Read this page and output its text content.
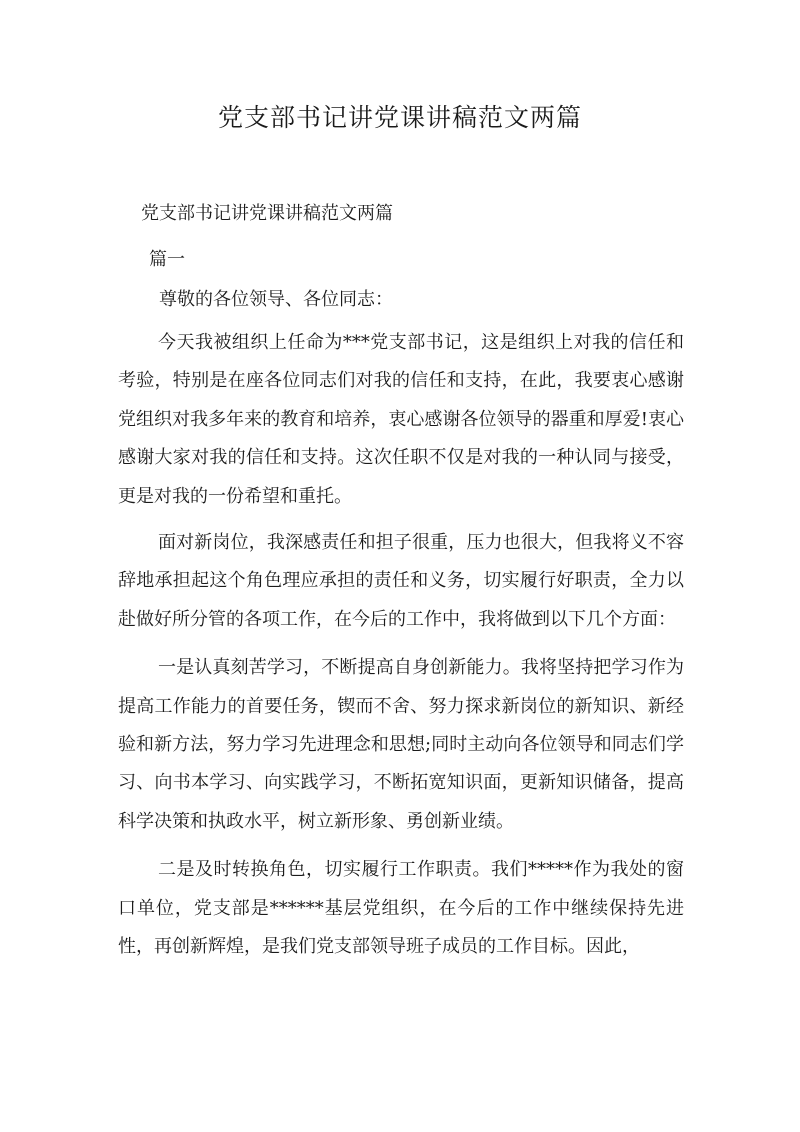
党支部书记讲党课讲稿范文两篇

党支部书记讲党课讲稿范文两篇

篇一

尊敬的各位领导、各位同志：

今天我被组织上任命为***党支部书记，这是组织上对我的信任和考验，特别是在座各位同志们对我的信任和支持，在此，我要衷心感谢党组织对我多年来的教育和培养，衷心感谢各位领导的器重和厚爱!衷心感谢大家对我的信任和支持。这次任职不仅是对我的一种认同与接受，更是对我的一份希望和重托。

面对新岗位，我深感责任和担子很重，压力也很大，但我将义不容辞地承担起这个角色理应承担的责任和义务，切实履行好职责，全力以赴做好所分管的各项工作，在今后的工作中，我将做到以下几个方面：

一是认真刻苦学习，不断提高自身创新能力。我将坚持把学习作为提高工作能力的首要任务，锲而不舍、努力探求新岗位的新知识、新经验和新方法，努力学习先进理念和思想;同时主动向各位领导和同志们学习、向书本学习、向实践学习，不断拓宽知识面，更新知识储备，提高科学决策和执政水平，树立新形象、勇创新业绩。

二是及时转换角色，切实履行工作职责。我们*****作为我处的窗口单位，党支部是******基层党组织，在今后的工作中继续保持先进性，再创新辉煌，是我们党支部领导班子成员的工作目标。因此，
